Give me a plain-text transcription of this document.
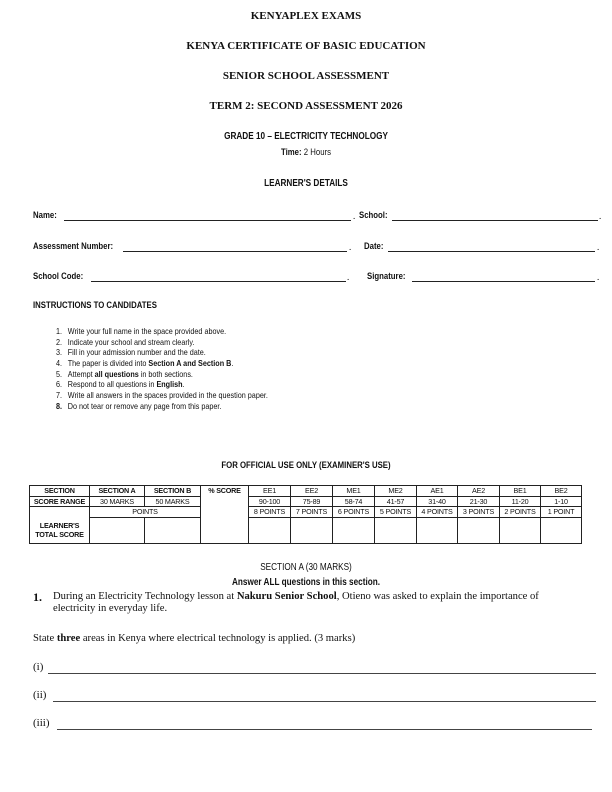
KENYAPLEX EXAMS
KENYA CERTIFICATE OF BASIC EDUCATION
SENIOR SCHOOL ASSESSMENT
TERM 2: SECOND ASSESSMENT 2026
GRADE 10 – ELECTRICITY TECHNOLOGY
Time: 2 Hours
LEARNER'S DETAILS
Name:	. School:	.
Assessment Number:	. Date:	.
School Code:	. Signature:	.
INSTRUCTIONS TO CANDIDATES
1. Write your full name in the space provided above.
2. Indicate your school and stream clearly.
3. Fill in your admission number and the date.
4. The paper is divided into Section A and Section B.
5. Attempt all questions in both sections.
6. Respond to all questions in English.
7. Write all answers in the spaces provided in the question paper.
8. Do not tear or remove any page from this paper.
FOR OFFICIAL USE ONLY (EXAMINER'S USE)
SECTION	SECTION A	SECTION B	% SCORE	EE1	EE2	ME1	ME2	AE1	AE2	BE1	BE2
SCORE RANGE	30 MARKS	50 MARKS		90-100	75-89	58-74	41-57	31-40	21-30	11-20	1-10
	POINTS			8 POINTS	7 POINTS	6 POINTS	5 POINTS	4 POINTS	3 POINTS	2 POINTS	1 POINT
LEARNER'S
TOTAL SCORE											
SECTION A (30 MARKS)
Answer ALL questions in this section.
1. During an Electricity Technology lesson at Nakuru Senior School, Otieno was asked to explain the importance of
electricity in everyday life.
State three areas in Kenya where electrical technology is applied. (3 marks)
(i)
(ii)
(iii)
